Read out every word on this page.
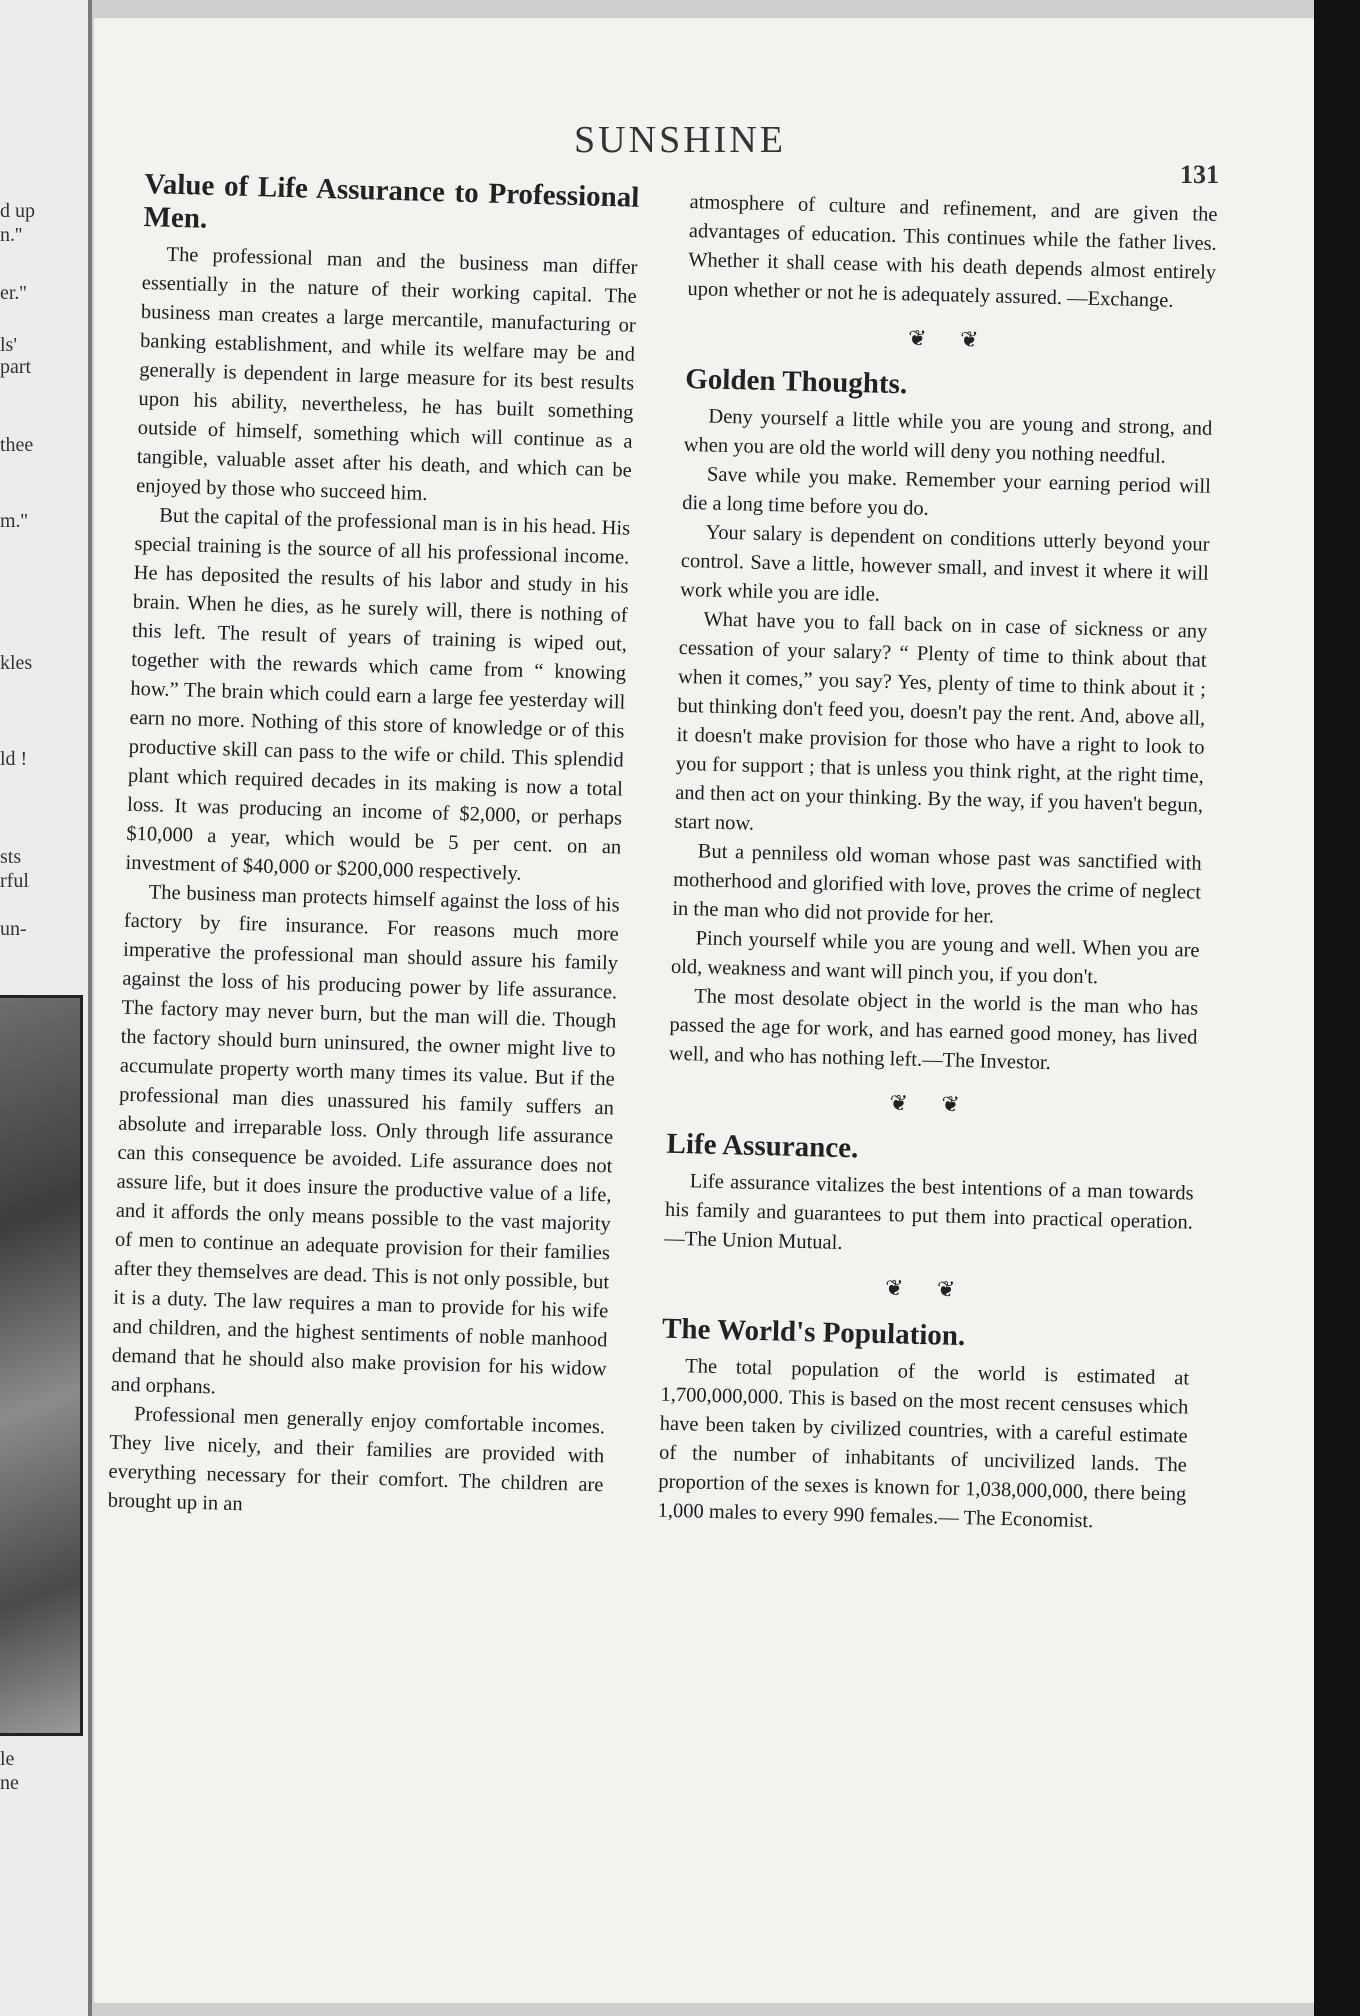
d up
n.''
er.''
ls'
part
thee
m.''
kles
ld !
sts
rful
un-
le
ne
SUNSHINE
131
Value of Life Assurance to Professional Men.

The professional man and the business man differ essentially in the nature of their working capital. The business man creates a large mercantile, manufacturing or banking establishment, and while its welfare may be and generally is dependent in large measure for its best results upon his ability, nevertheless, he has built something outside of himself, something which will continue as a tangible, valuable asset after his death, and which can be enjoyed by those who succeed him.

But the capital of the professional man is in his head. His special training is the source of all his professional income. He has deposited the results of his labor and study in his brain. When he dies, as he surely will, there is nothing of this left. The result of years of training is wiped out, together with the rewards which came from “ knowing how.” The brain which could earn a large fee yesterday will earn no more. Nothing of this store of knowledge or of this productive skill can pass to the wife or child. This splendid plant which required decades in its making is now a total loss. It was producing an income of $2,000, or perhaps $10,000 a year, which would be 5 per cent. on an investment of $40,000 or $200,000 respectively.

The business man protects himself against the loss of his factory by fire insurance. For reasons much more imperative the professional man should assure his family against the loss of his producing power by life assurance. The factory may never burn, but the man will die. Though the factory should burn uninsured, the owner might live to accumulate property worth many times its value. But if the professional man dies unassured his family suffers an absolute and irreparable loss. Only through life assurance can this consequence be avoided. Life assurance does not assure life, but it does insure the productive value of a life, and it affords the only means possible to the vast majority of men to continue an adequate provision for their families after they themselves are dead. This is not only possible, but it is a duty. The law requires a man to provide for his wife and children, and the highest sentiments of noble manhood demand that he should also make provision for his widow and orphans.

Professional men generally enjoy comfortable incomes. They live nicely, and their families are provided with everything necessary for their comfort. The children are brought up in an

atmosphere of culture and refinement, and are given the advantages of education. This continues while the father lives. Whether it shall cease with his death depends almost entirely upon whether or not he is adequately assured. —Exchange.

❦ ❦
Golden Thoughts.

Deny yourself a little while you are young and strong, and when you are old the world will deny you nothing needful.

Save while you make. Remember your earning period will die a long time before you do.

Your salary is dependent on conditions utterly beyond your control. Save a little, however small, and invest it where it will work while you are idle.

What have you to fall back on in case of sickness or any cessation of your salary? “ Plenty of time to think about that when it comes,” you say? Yes, plenty of time to think about it ; but thinking don't feed you, doesn't pay the rent. And, above all, it doesn't make provision for those who have a right to look to you for support ; that is unless you think right, at the right time, and then act on your thinking. By the way, if you haven't begun, start now.

But a penniless old woman whose past was sanctified with motherhood and glorified with love, proves the crime of neglect in the man who did not provide for her.

Pinch yourself while you are young and well. When you are old, weakness and want will pinch you, if you don't.

The most desolate object in the world is the man who has passed the age for work, and has earned good money, has lived well, and who has nothing left.—The Investor.

❦ ❦
Life Assurance.

Life assurance vitalizes the best intentions of a man towards his family and guarantees to put them into practical operation.—The Union Mutual.

❦ ❦
The World's Population.

The total population of the world is estimated at 1,700,000,000. This is based on the most recent censuses which have been taken by civilized countries, with a careful estimate of the number of inhabitants of uncivilized lands. The proportion of the sexes is known for 1,038,000,000, there being 1,000 males to every 990 females.— The Economist.
